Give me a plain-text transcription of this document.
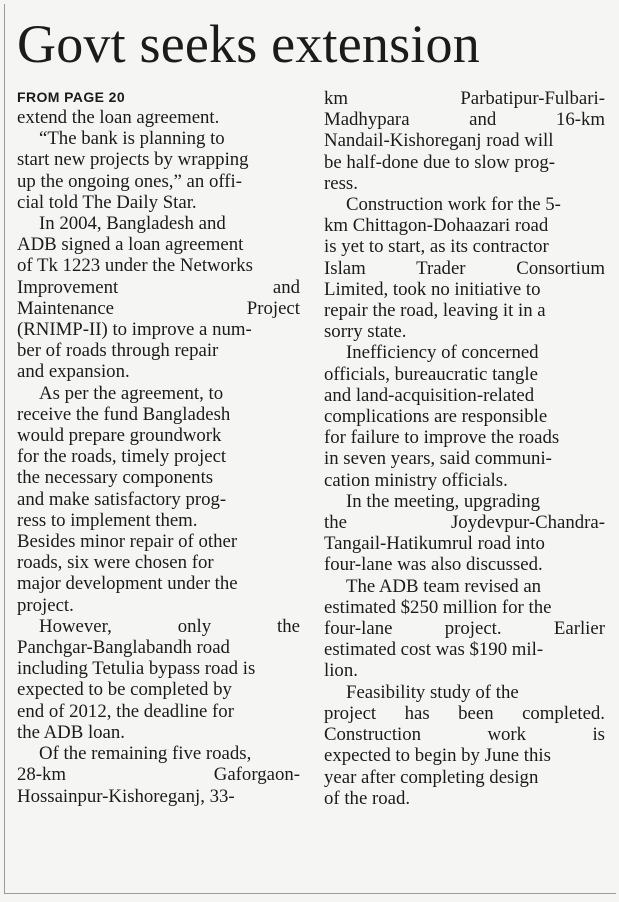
Govt seeks extension
FROM PAGE 20
extend the loan agreement.
“The bank is planning to
start new projects by wrapping
up the ongoing ones,” an offi-
cial told The Daily Star.
In 2004, Bangladesh and
ADB signed a loan agreement
of Tk 1223 under the Networks
Improvement and
Maintenance Project
(RNIMP-II) to improve a num-
ber of roads through repair
and expansion.
As per the agreement, to
receive the fund Bangladesh
would prepare groundwork
for the roads, timely project
the necessary components
and make satisfactory prog-
ress to implement them.
Besides minor repair of other
roads, six were chosen for
major development under the
project.
However, only the
Panchgar-Banglabandh road
including Tetulia bypass road is
expected to be completed by
end of 2012, the deadline for
the ADB loan.
Of the remaining five roads,
28-km Gaforgaon-
Hossainpur-Kishoreganj, 33-
km Parbatipur-Fulbari-
Madhypara and 16-km
Nandail-Kishoreganj road will
be half-done due to slow prog-
ress.
Construction work for the 5-
km Chittagon-Dohaazari road
is yet to start, as its contractor
Islam Trader Consortium
Limited, took no initiative to
repair the road, leaving it in a
sorry state.
Inefficiency of concerned
officials, bureaucratic tangle
and land-acquisition-related
complications are responsible
for failure to improve the roads
in seven years, said communi-
cation ministry officials.
In the meeting, upgrading
the Joydevpur-Chandra-
Tangail-Hatikumrul road into
four-lane was also discussed.
The ADB team revised an
estimated $250 million for the
four-lane project. Earlier
estimated cost was $190 mil-
lion.
Feasibility study of the
project has been completed.
Construction work is
expected to begin by June this
year after completing design
of the road.
